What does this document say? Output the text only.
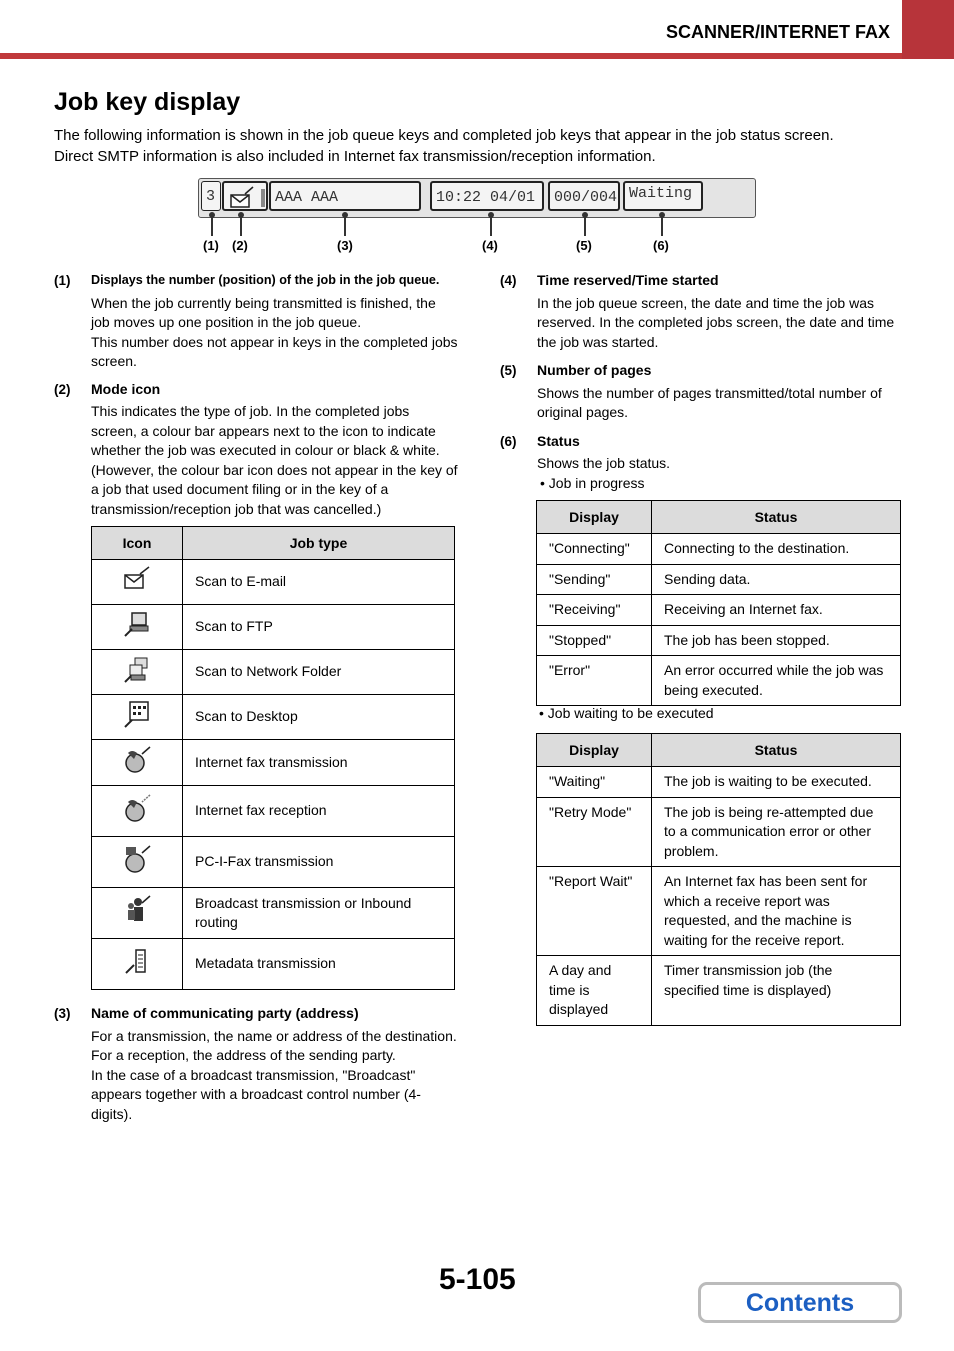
SCANNER/INTERNET FAX
Job key display

The following information is shown in the job queue keys and completed job keys that appear in the job status screen.

Direct SMTP information is also included in Internet fax transmission/reception information.

3	AAA AAA	10:22 04/01	000/004 Waiting
(1) (2)	(3)	(4)	(5)	(6)
(1) Displays the number (position) of the job in the job queue.

When the job currently being transmitted is finished, the job moves up one position in the job queue.

This number does not appear in keys in the completed jobs screen.

(2) Mode icon

This indicates the type of job. In the completed jobs screen, a colour bar appears next to the icon to indicate whether the job was executed in colour or black & white. (However, the colour bar icon does not appear in the key of a job that used document filing or in the key of a transmission/reception job that was cancelled.)

Icon	Job type
	Scan to E-mail
	Scan to FTP
	Scan to Network Folder
	Scan to Desktop
	Internet fax transmission
	Internet fax reception
	PC-I-Fax transmission
	Broadcast transmission or Inbound routing
	Metadata transmission
(3) Name of communicating party (address)

For a transmission, the name or address of the destination.

For a reception, the address of the sending party.

In the case of a broadcast transmission, "Broadcast" appears together with a broadcast control number (4-digits).

(4) Time reserved/Time started

In the job queue screen, the date and time the job was reserved. In the completed jobs screen, the date and time the job was started.

(5) Number of pages

Shows the number of pages transmitted/total number of original pages.

(6) Status

Shows the job status.

• Job in progress

Display	Status
"Connecting"	Connecting to the destination.
"Sending"	Sending data.
"Receiving"	Receiving an Internet fax.
"Stopped"	The job has been stopped.
"Error"	An error occurred while the job was being executed.
• Job waiting to be executed
Display	Status
"Waiting"	The job is waiting to be executed.
"Retry Mode"	The job is being re-attempted due to a communication error or other problem.
"Report Wait"	An Internet fax has been sent for which a receive report was requested, and the machine is waiting for the receive report.
A day and time is displayed	Timer transmission job (the specified time is displayed)
5-105
Contents
